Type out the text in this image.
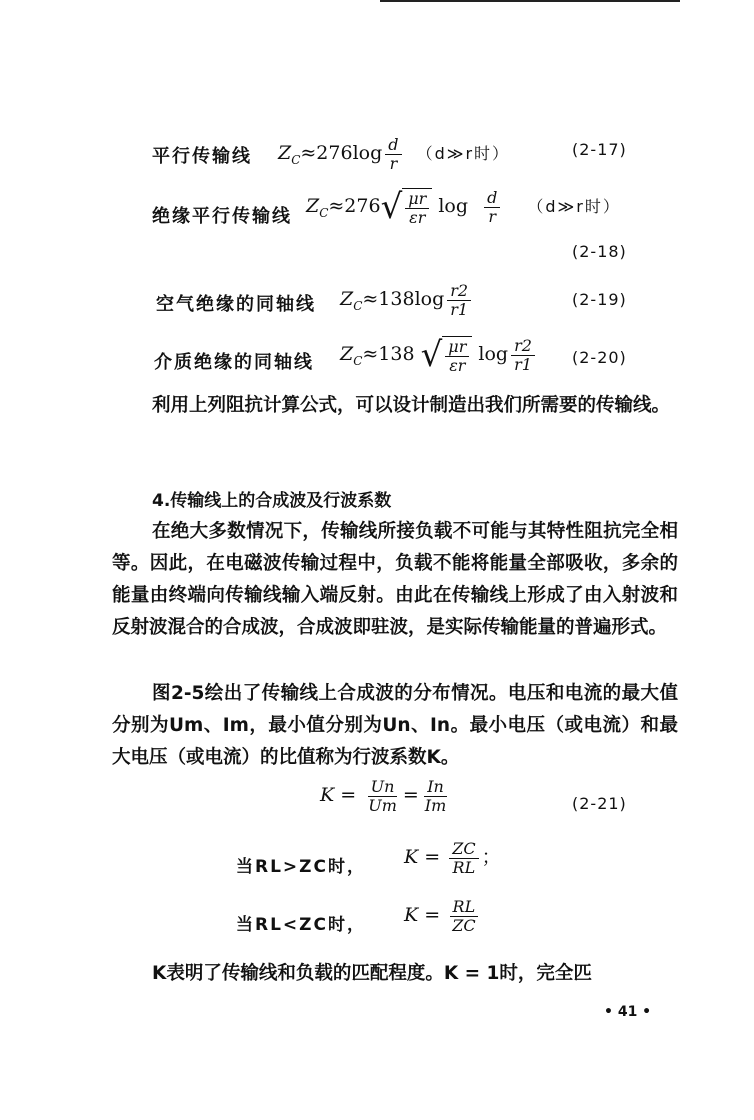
平行传输线 $Z_C\approx 276\log \frac{d}{r}$ （d≫r时）	(2-17)
绝缘平行传输线 $Z_C\approx 276$ √ $\frac{\mu r}{\varepsilon r}$ $\log \frac{d}{r}$ （d≫r时）
(2-18)
空气绝缘的同轴线 $Z_C\approx 138\log \frac{r2}{r1}$	(2-19)
介质绝缘的同轴线 $Z_C\approx 138$ √ $\frac{\mu r}{\varepsilon r}$ $\log \frac{r2}{r1} (2-20)$
利用上列阻抗计算公式，可以设计制造出我们所需要的传输线。
4.传输线上的合成波及行波系数
在绝大多数情况下，传输线所接负载不可能与其特性阻抗完全相等。因此，在电磁波传输过程中，负载不能将能量全部吸收，多余的能量由终端向传输线输入端反射。由此在传输线上形成了由入射波和反射波混合的合成波，合成波即驻波，是实际传输能量的普遍形式。
图2-5绘出了传输线上合成波的分布情况。电压和电流的最大值分别为Um、Im，最小值分别为Un、In。最小电压（或电流）和最大电压（或电流）的比值称为行波系数K。
$K = \frac{Un}{Um} = \frac{In}{Im}$	(2-21)
当RL>ZC时， $K = \frac{ZC}{RL}$ ；
当RL<ZC时， $K = \frac{RL}{ZC}$
K表明了传输线和负载的匹配程度。K = 1时，完全匹
• 41 •
